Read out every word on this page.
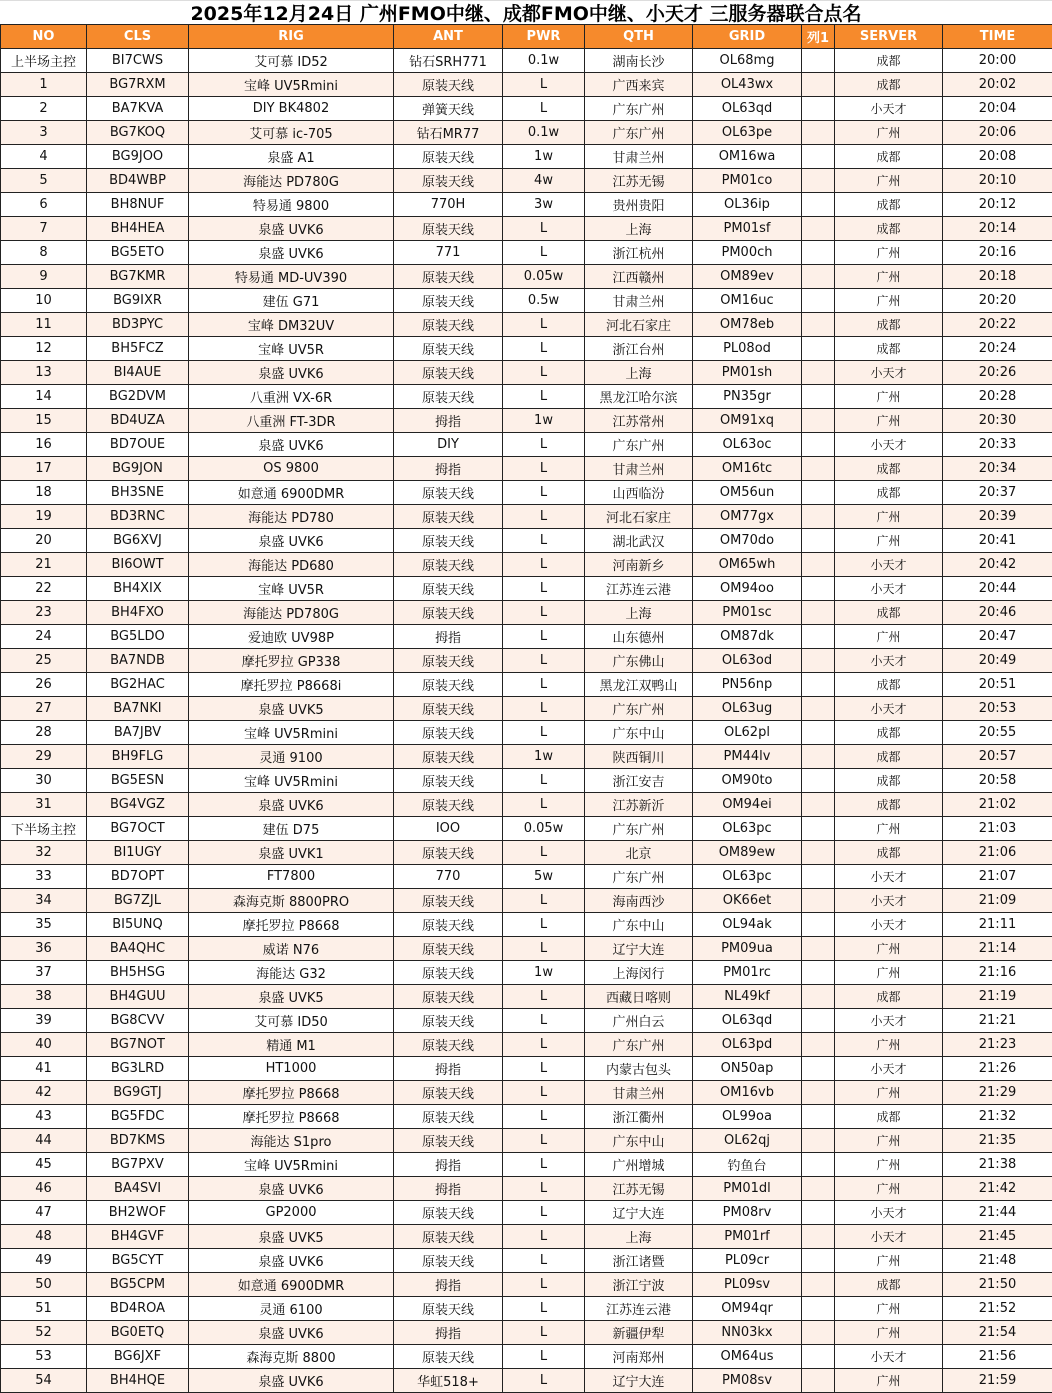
2025年12月24日 广州FMO中继、成都FMO中继、小天才 三服务器联合点名
NO	CLS	RIG	ANT	PWR	QTH	GRID	列1	SERVER	TIME
上半场主控	BI7CWS	艾可慕 ID52	钻石SRH771	0.1w	湖南长沙	OL68mg		成都	20:00
1	BG7RXM	宝峰 UV5Rmini	原装天线	L	广西来宾	OL43wx		成都	20:02
2	BA7KVA	DIY BK4802	弹簧天线	L	广东广州	OL63qd		小天才	20:04
3	BG7KOQ	艾可慕 ic-705	钻石MR77	0.1w	广东广州	OL63pe		广州	20:06
4	BG9JOO	泉盛 A1	原装天线	1w	甘肃兰州	OM16wa		成都	20:08
5	BD4WBP	海能达 PD780G	原装天线	4w	江苏无锡	PM01co		广州	20:10
6	BH8NUF	特易通 9800	770H	3w	贵州贵阳	OL36ip		成都	20:12
7	BH4HEA	泉盛 UVK6	原装天线	L	上海	PM01sf		成都	20:14
8	BG5ETO	泉盛 UVK6	771	L	浙江杭州	PM00ch		广州	20:16
9	BG7KMR	特易通 MD-UV390	原装天线	0.05w	江西赣州	OM89ev		广州	20:18
10	BG9IXR	建伍 G71	原装天线	0.5w	甘肃兰州	OM16uc		广州	20:20
11	BD3PYC	宝峰 DM32UV	原装天线	L	河北石家庄	OM78eb		成都	20:22
12	BH5FCZ	宝峰 UV5R	原装天线	L	浙江台州	PL08od		成都	20:24
13	BI4AUE	泉盛 UVK6	原装天线	L	上海	PM01sh		小天才	20:26
14	BG2DVM	八重洲 VX-6R	原装天线	L	黑龙江哈尔滨	PN35gr		广州	20:28
15	BD4UZA	八重洲 FT-3DR	拇指	1w	江苏常州	OM91xq		广州	20:30
16	BD7OUE	泉盛 UVK6	DIY	L	广东广州	OL63oc		小天才	20:33
17	BG9JON	OS 9800	拇指	L	甘肃兰州	OM16tc		成都	20:34
18	BH3SNE	如意通 6900DMR	原装天线	L	山西临汾	OM56un		成都	20:37
19	BD3RNC	海能达 PD780	原装天线	L	河北石家庄	OM77gx		广州	20:39
20	BG6XVJ	泉盛 UVK6	原装天线	L	湖北武汉	OM70do		广州	20:41
21	BI6OWT	海能达 PD680	原装天线	L	河南新乡	OM65wh		小天才	20:42
22	BH4XIX	宝峰 UV5R	原装天线	L	江苏连云港	OM94oo		小天才	20:44
23	BH4FXO	海能达 PD780G	原装天线	L	上海	PM01sc		成都	20:46
24	BG5LDO	爱迪欧 UV98P	拇指	L	山东德州	OM87dk		广州	20:47
25	BA7NDB	摩托罗拉 GP338	原装天线	L	广东佛山	OL63od		小天才	20:49
26	BG2HAC	摩托罗拉 P8668i	原装天线	L	黑龙江双鸭山	PN56np		成都	20:51
27	BA7NKI	泉盛 UVK5	原装天线	L	广东广州	OL63ug		小天才	20:53
28	BA7JBV	宝峰 UV5Rmini	原装天线	L	广东中山	OL62pl		成都	20:55
29	BH9FLG	灵通 9100	原装天线	1w	陕西铜川	PM44lv		成都	20:57
30	BG5ESN	宝峰 UV5Rmini	原装天线	L	浙江安吉	OM90to		成都	20:58
31	BG4VGZ	泉盛 UVK6	原装天线	L	江苏新沂	OM94ei		成都	21:02
下半场主控	BG7OCT	建伍 D75	IOO	0.05w	广东广州	OL63pc		广州	21:03
32	BI1UGY	泉盛 UVK1	原装天线	L	北京	OM89ew		成都	21:06
33	BD7OPT	FT7800	770	5w	广东广州	OL63pc		小天才	21:07
34	BG7ZJL	森海克斯 8800PRO	原装天线	L	海南西沙	OK66et		小天才	21:09
35	BI5UNQ	摩托罗拉 P8668	原装天线	L	广东中山	OL94ak		小天才	21:11
36	BA4QHC	威诺 N76	原装天线	L	辽宁大连	PM09ua		广州	21:14
37	BH5HSG	海能达 G32	原装天线	1w	上海闵行	PM01rc		广州	21:16
38	BH4GUU	泉盛 UVK5	原装天线	L	西藏日喀则	NL49kf		成都	21:19
39	BG8CVV	艾可慕 ID50	原装天线	L	广州白云	OL63qd		小天才	21:21
40	BG7NOT	精通 M1	原装天线	L	广东广州	OL63pd		广州	21:23
41	BG3LRD	HT1000	拇指	L	内蒙古包头	ON50ap		小天才	21:26
42	BG9GTJ	摩托罗拉 P8668	原装天线	L	甘肃兰州	OM16vb		广州	21:29
43	BG5FDC	摩托罗拉 P8668	原装天线	L	浙江衢州	OL99oa		成都	21:32
44	BD7KMS	海能达 S1pro	原装天线	L	广东中山	OL62qj		广州	21:35
45	BG7PXV	宝峰 UV5Rmini	拇指	L	广州增城	钓鱼台		广州	21:38
46	BA4SVI	泉盛 UVK6	拇指	L	江苏无锡	PM01dl		广州	21:42
47	BH2WOF	GP2000	原装天线	L	辽宁大连	PM08rv		小天才	21:44
48	BH4GVF	泉盛 UVK5	原装天线	L	上海	PM01rf		小天才	21:45
49	BG5CYT	泉盛 UVK6	原装天线	L	浙江诸暨	PL09cr		广州	21:48
50	BG5CPM	如意通 6900DMR	拇指	L	浙江宁波	PL09sv		成都	21:50
51	BD4ROA	灵通 6100	原装天线	L	江苏连云港	OM94qr		广州	21:52
52	BG0ETQ	泉盛 UVK6	拇指	L	新疆伊犁	NN03kx		广州	21:54
53	BG6JXF	森海克斯 8800	原装天线	L	河南郑州	OM64us		小天才	21:56
54	BH4HQE	泉盛 UVK6	华虹518+	L	辽宁大连	PM08sv		广州	21:59
